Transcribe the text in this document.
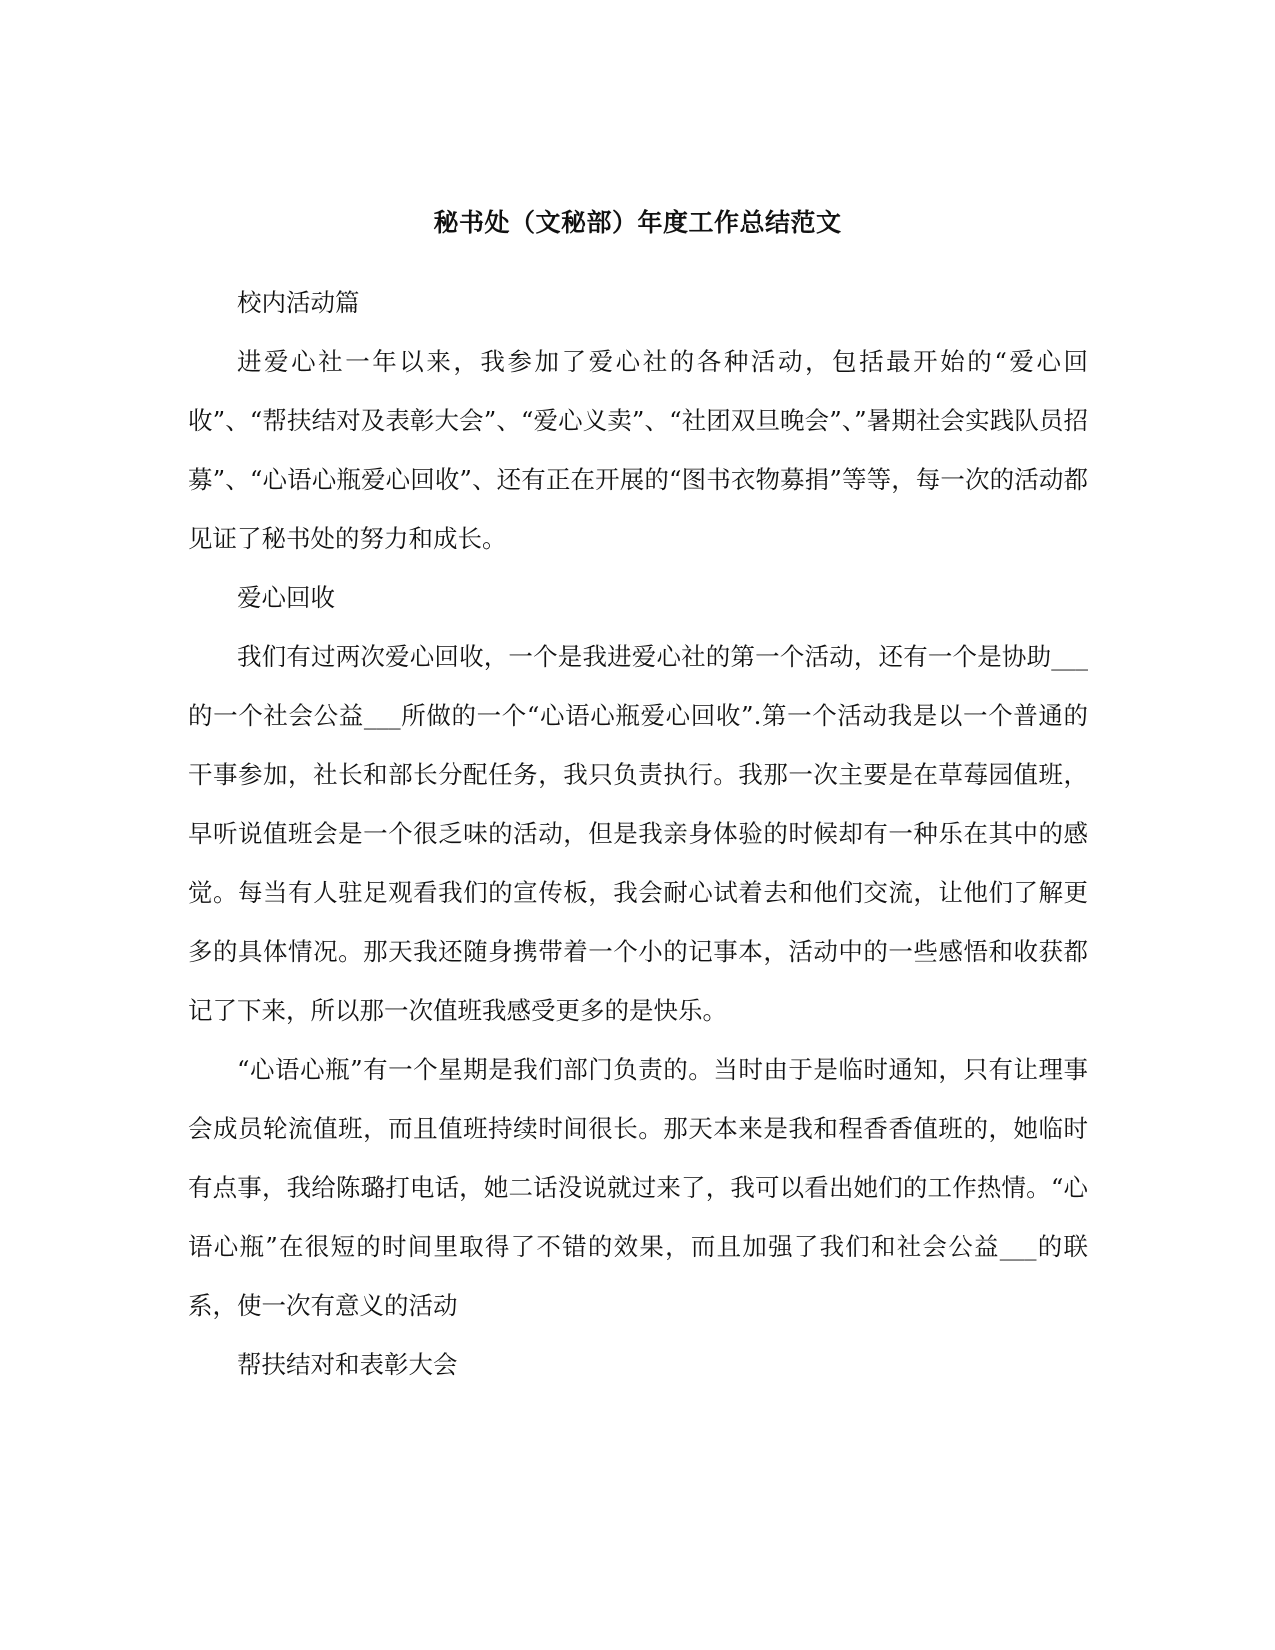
秘书处（文秘部）年度工作总结范文

校内活动篇

进爱心社一年以来，我参加了爱心社的各种活动，包括最开始的“爱心回收”、“帮扶结对及表彰大会”、“爱心义卖”、“社团双旦晚会”、”暑期社会实践队员招募”、“心语心瓶爱心回收”、还有正在开展的“图书衣物募捐”等等，每一次的活动都见证了秘书处的努力和成长。

爱心回收

我们有过两次爱心回收，一个是我进爱心社的第一个活动，还有一个是协助___的一个社会公益___所做的一个“心语心瓶爱心回收”.第一个活动我是以一个普通的干事参加，社长和部长分配任务，我只负责执行。我那一次主要是在草莓园值班，早听说值班会是一个很乏味的活动，但是我亲身体验的时候却有一种乐在其中的感觉。每当有人驻足观看我们的宣传板，我会耐心试着去和他们交流，让他们了解更多的具体情况。那天我还随身携带着一个小的记事本，活动中的一些感悟和收获都记了下来，所以那一次值班我感受更多的是快乐。

“心语心瓶”有一个星期是我们部门负责的。当时由于是临时通知，只有让理事会成员轮流值班，而且值班持续时间很长。那天本来是我和程香香值班的，她临时有点事，我给陈璐打电话，她二话没说就过来了，我可以看出她们的工作热情。“心语心瓶”在很短的时间里取得了不错的效果，而且加强了我们和社会公益___的联系，使一次有意义的活动

帮扶结对和表彰大会
